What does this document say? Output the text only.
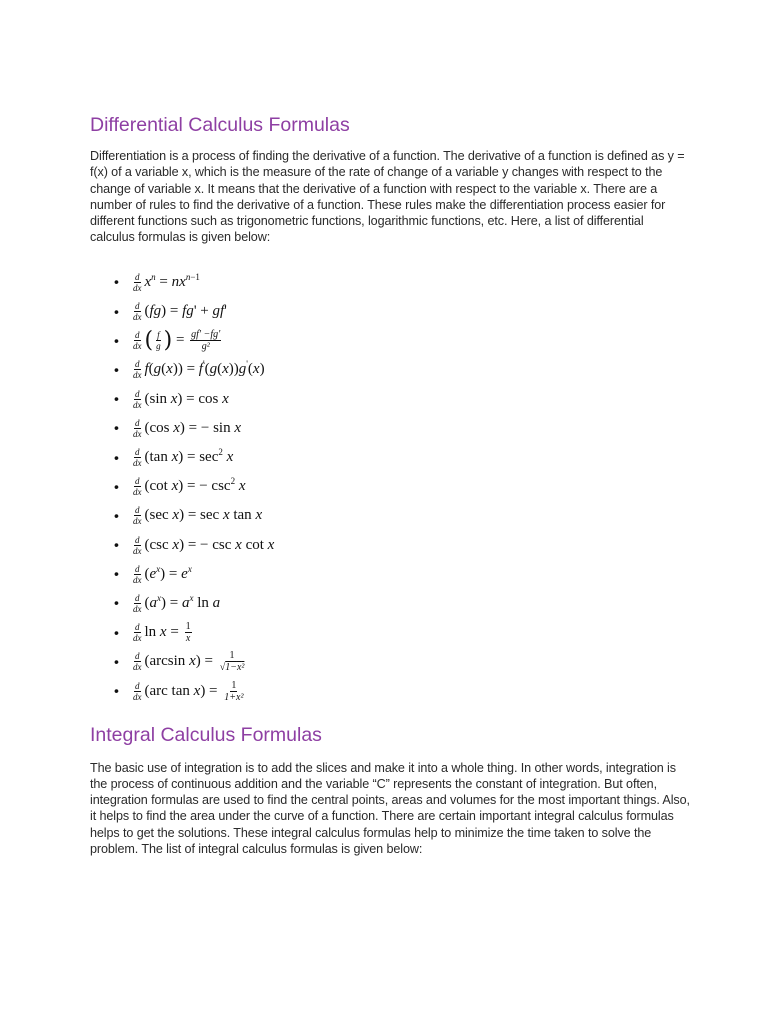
Differential Calculus Formulas

Differentiation is a process of finding the derivative of a function. The derivative of a function is defined as y = f(x) of a variable x, which is the measure of the rate of change of a variable y changes with respect to the change of variable x. It means that the derivative of a function with respect to the variable x. There are a number of rules to find the derivative of a function. These rules make the differentiation process easier for different functions such as trigonometric functions, logarithmic functions, etc. Here, a list of differential calculus formulas is given below:

• $\frac{d}{dx} x^n = nx^{n-1}$
• $\frac{d}{dx} (fg) = fg' + gf'$
• $\frac{d}{dx}$ ( $\frac{f}{g}$ ) = $\frac{gf' -fg'}{\text{g²}}$
• $\frac{d}{dx} f(g(x)) = f'(g(x))g'(x)$
• $\frac{d}{dx} (\sin$ x) = cos x
• $\frac{d}{dx} (\cos$ x) = − sin x
• $\frac{d}{dx} (\tan$ $x) = \sec^2 x$
• $\frac{d}{dx} (\cot$ x) = − $\csc^2 x$
• $\frac{d}{dx} (\sec$ x) = sec x tan x
• $\frac{d}{dx} (\csc$ x) = − csc x cot x
• $\frac{d}{dx} (e^x) = e^x$
• $\frac{d}{dx} (a^x) = a^x$ ln a
• $\frac{d}{dx}$ $\ln x = \frac{1}{x}$
• $\frac{d}{dx} (\arcsin$ $x) = \frac{1}{\text{√1−x²}}$
• $\frac{d}{dx} (arc$ $\tan x) = \frac{1}{\text{1+x²}}$
Integral Calculus Formulas

The basic use of integration is to add the slices and make it into a whole thing. In other words, integration is the process of continuous addition and the variable “C” represents the constant of integration. But often, integration formulas are used to find the central points, areas and volumes for the most important things. Also, it helps to find the area under the curve of a function. There are certain important integral calculus formulas helps to get the solutions. These integral calculus formulas help to minimize the time taken to solve the problem. The list of integral calculus formulas is given below:
